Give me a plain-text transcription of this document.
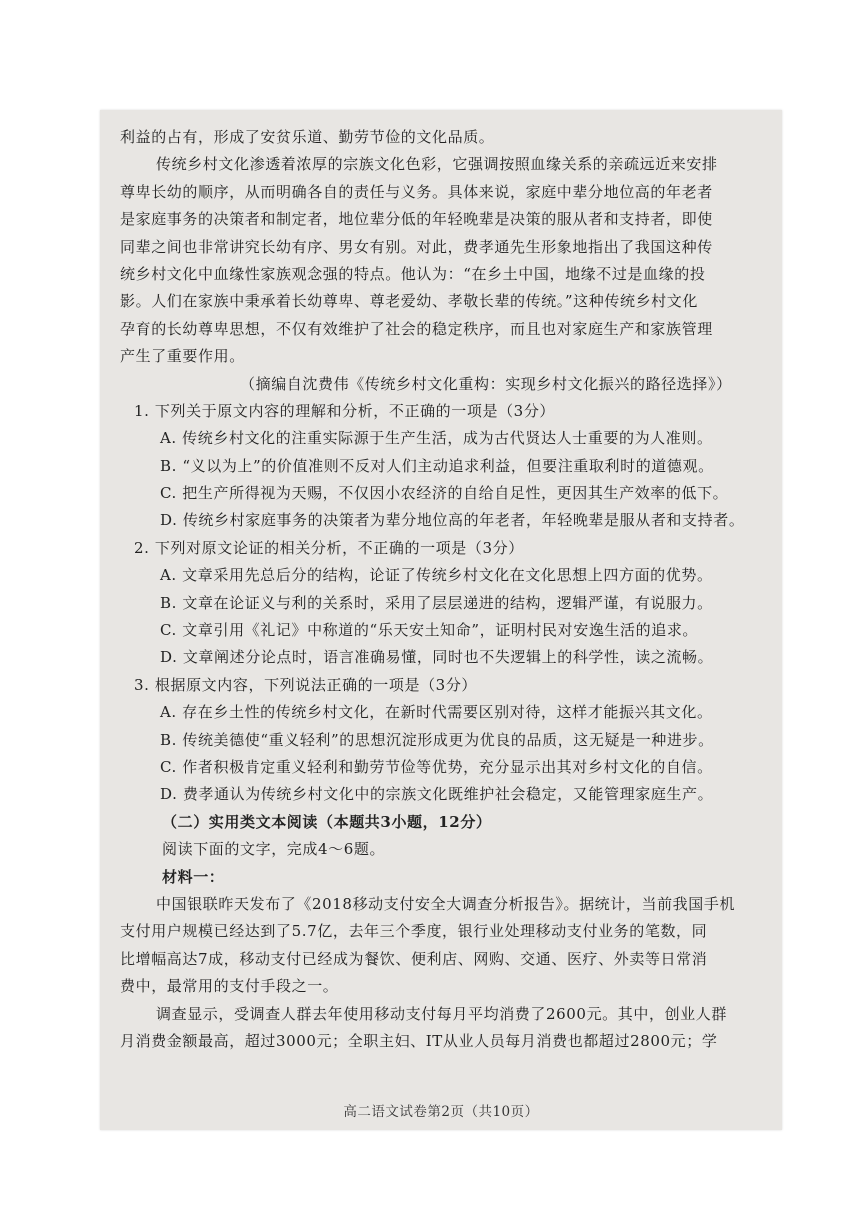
利益的占有，形成了安贫乐道、勤劳节俭的文化品质。
传统乡村文化渗透着浓厚的宗族文化色彩，它强调按照血缘关系的亲疏远近来安排
尊卑长幼的顺序，从而明确各自的责任与义务。具体来说，家庭中辈分地位高的年老者
是家庭事务的决策者和制定者，地位辈分低的年轻晚辈是决策的服从者和支持者，即使
同辈之间也非常讲究长幼有序、男女有别。对此，费孝通先生形象地指出了我国这种传
统乡村文化中血缘性家族观念强的特点。他认为：“在乡土中国，地缘不过是血缘的投
影。人们在家族中秉承着长幼尊卑、尊老爱幼、孝敬长辈的传统。”这种传统乡村文化
孕育的长幼尊卑思想，不仅有效维护了社会的稳定秩序，而且也对家庭生产和家族管理
产生了重要作用。
（摘编自沈费伟《传统乡村文化重构：实现乡村文化振兴的路径选择》）
1. 下列关于原文内容的理解和分析，不正确的一项是（3分）
A. 传统乡村文化的注重实际源于生产生活，成为古代贤达人士重要的为人准则。
B. “义以为上”的价值准则不反对人们主动追求利益，但要注重取利时的道德观。
C. 把生产所得视为天赐，不仅因小农经济的自给自足性，更因其生产效率的低下。
D. 传统乡村家庭事务的决策者为辈分地位高的年老者，年轻晚辈是服从者和支持者。
2. 下列对原文论证的相关分析，不正确的一项是（3分）
A. 文章采用先总后分的结构，论证了传统乡村文化在文化思想上四方面的优势。
B. 文章在论证义与利的关系时，采用了层层递进的结构，逻辑严谨，有说服力。
C. 文章引用《礼记》中称道的“乐天安土知命”，证明村民对安逸生活的追求。
D. 文章阐述分论点时，语言准确易懂，同时也不失逻辑上的科学性，读之流畅。
3. 根据原文内容，下列说法正确的一项是（3分）
A. 存在乡土性的传统乡村文化，在新时代需要区别对待，这样才能振兴其文化。
B. 传统美德使“重义轻利”的思想沉淀形成更为优良的品质，这无疑是一种进步。
C. 作者积极肯定重义轻利和勤劳节俭等优势，充分显示出其对乡村文化的自信。
D. 费孝通认为传统乡村文化中的宗族文化既维护社会稳定，又能管理家庭生产。
（二）实用类文本阅读（本题共3小题，12分）
阅读下面的文字，完成4～6题。
材料一：
中国银联昨天发布了《2018移动支付安全大调查分析报告》。据统计，当前我国手机
支付用户规模已经达到了5.7亿，去年三个季度，银行业处理移动支付业务的笔数，同
比增幅高达7成，移动支付已经成为餐饮、便利店、网购、交通、医疗、外卖等日常消
费中，最常用的支付手段之一。
调查显示，受调查人群去年使用移动支付每月平均消费了2600元。其中，创业人群
月消费金额最高，超过3000元；全职主妇、IT从业人员每月消费也都超过2800元；学
高二语文试卷第2页（共10页）
